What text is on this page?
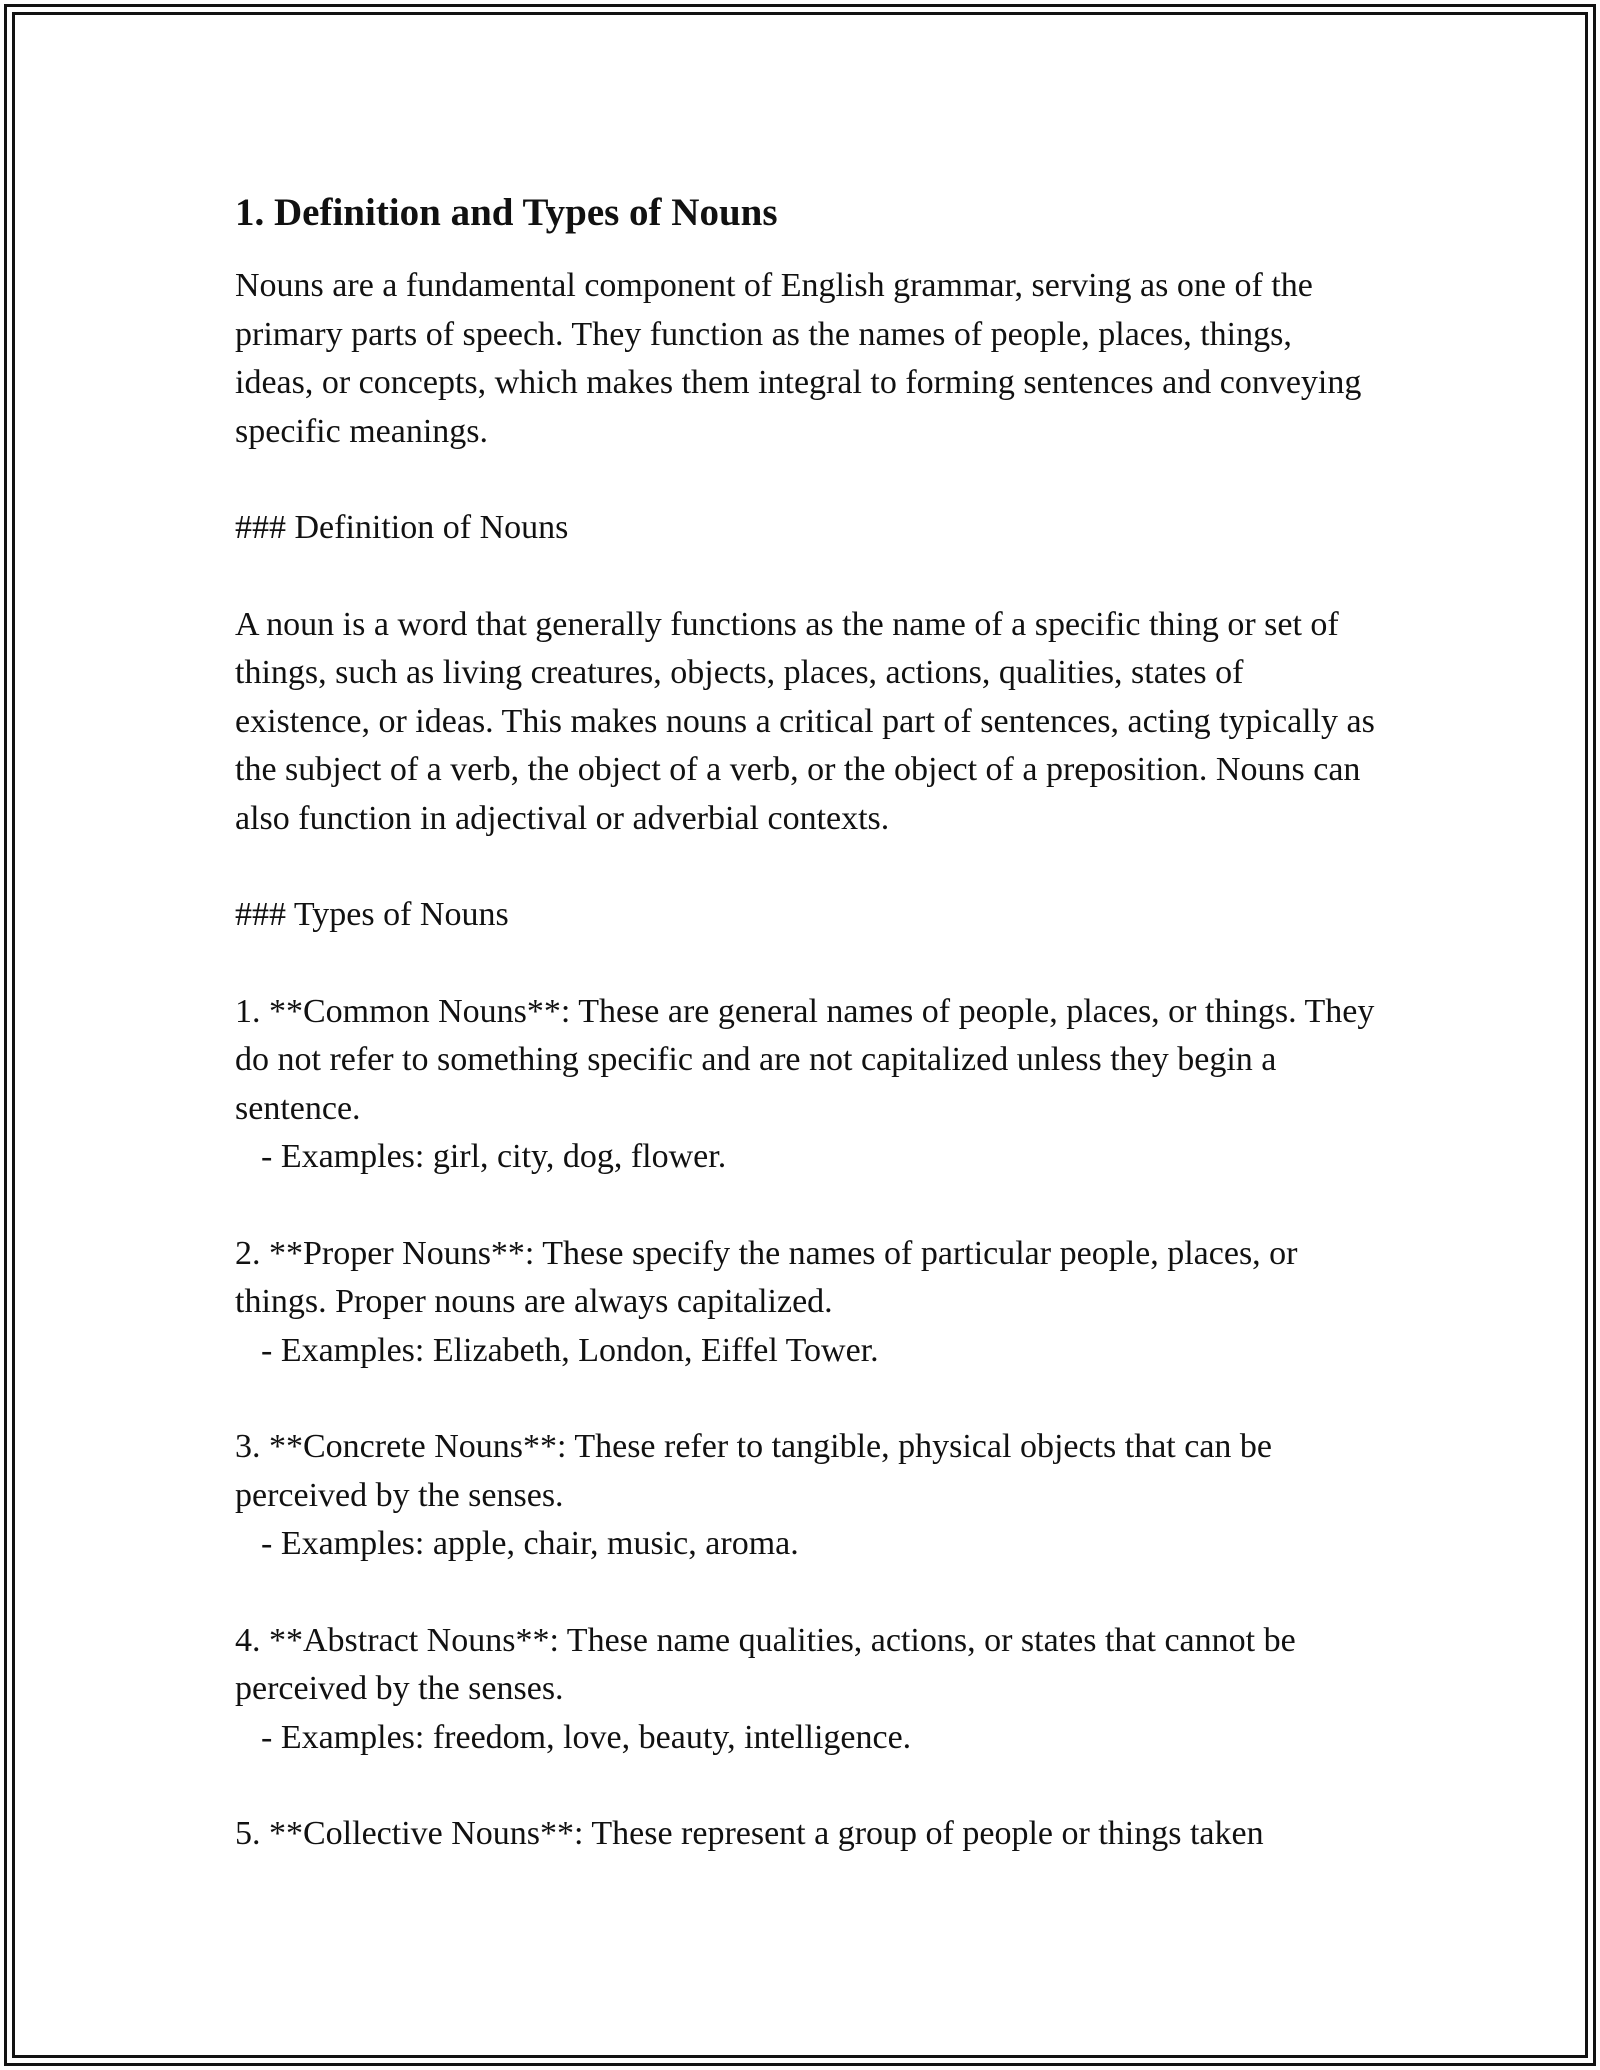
1. Definition and Types of Nouns

Nouns are a fundamental component of English grammar, serving as one of the primary parts of speech. They function as the names of people, places, things, ideas, or concepts, which makes them integral to forming sentences and conveying specific meanings.

### Definition of Nouns

A noun is a word that generally functions as the name of a specific thing or set of things, such as living creatures, objects, places, actions, qualities, states of existence, or ideas. This makes nouns a critical part of sentences, acting typically as the subject of a verb, the object of a verb, or the object of a preposition. Nouns can also function in adjectival or adverbial contexts.

### Types of Nouns

1. **Common Nouns**: These are general names of people, places, or things. They do not refer to something specific and are not capitalized unless they begin a sentence.

- Examples: girl, city, dog, flower.

2. **Proper Nouns**: These specify the names of particular people, places, or things. Proper nouns are always capitalized.

- Examples: Elizabeth, London, Eiffel Tower.

3. **Concrete Nouns**: These refer to tangible, physical objects that can be perceived by the senses.

- Examples: apple, chair, music, aroma.

4. **Abstract Nouns**: These name qualities, actions, or states that cannot be perceived by the senses.

- Examples: freedom, love, beauty, intelligence.

5. **Collective Nouns**: These represent a group of people or things taken
